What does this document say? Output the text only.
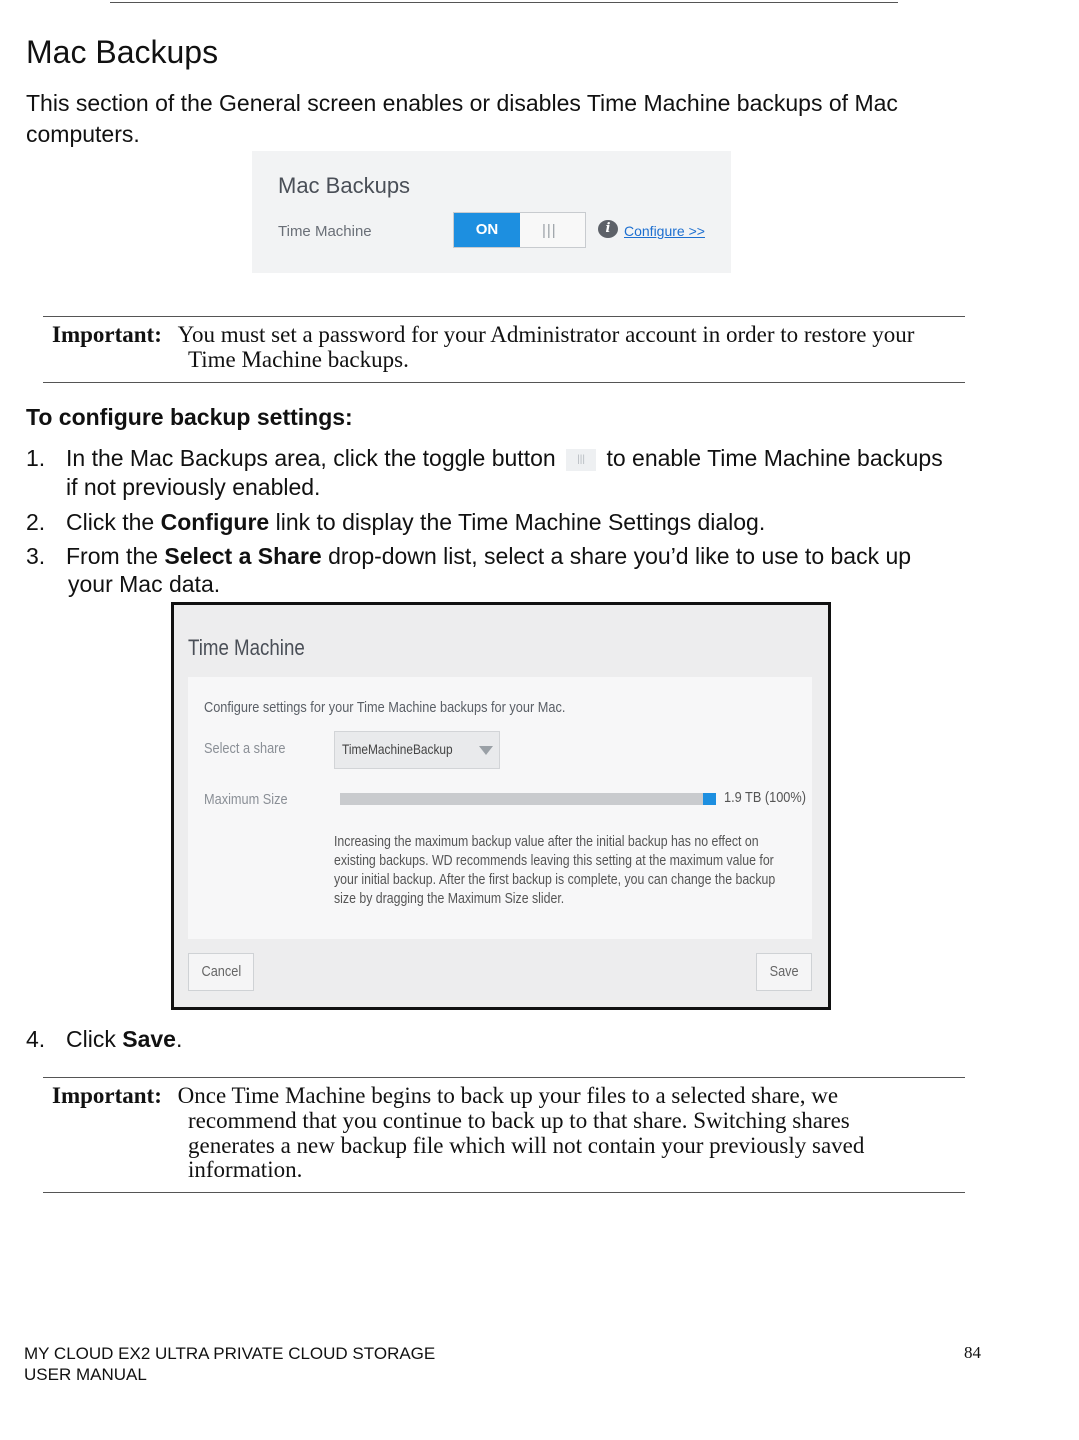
Mac Backups

This section of the General screen enables or disables Time Machine backups of Mac computers.

Mac Backups
Time Machine	ON	|||	i Configure >>
Important: You must set a password for your Administrator account in order to restore your
Time Machine backups.
To configure backup settings:
1. In the Mac Backups area, click the toggle button ||| to enable Time Machine backups
if not previously enabled.
2. Click the Configure link to display the Time Machine Settings dialog.
3. From the Select a Share drop-down list, select a share you’d like to use to back up
your Mac data.
Time Machine
Configure settings for your Time Machine backups for your Mac.
Select a share	TimeMachineBackup
Maximum Size	1.9 TB (100%)
Increasing the maximum backup value after the initial backup has no effect on existing backups. WD recommends leaving this setting at the maximum value for your initial backup. After the first backup is complete, you can change the backup size by dragging the Maximum Size slider.
Cancel	Save
4. Click Save.
Important: Once Time Machine begins to back up your files to a selected share, we
recommend that you continue to back up to that share. Switching shares
generates a new backup file which will not contain your previously saved
information.
MY CLOUD EX2 ULTRA PRIVATE CLOUD STORAGE
USER MANUAL
84
